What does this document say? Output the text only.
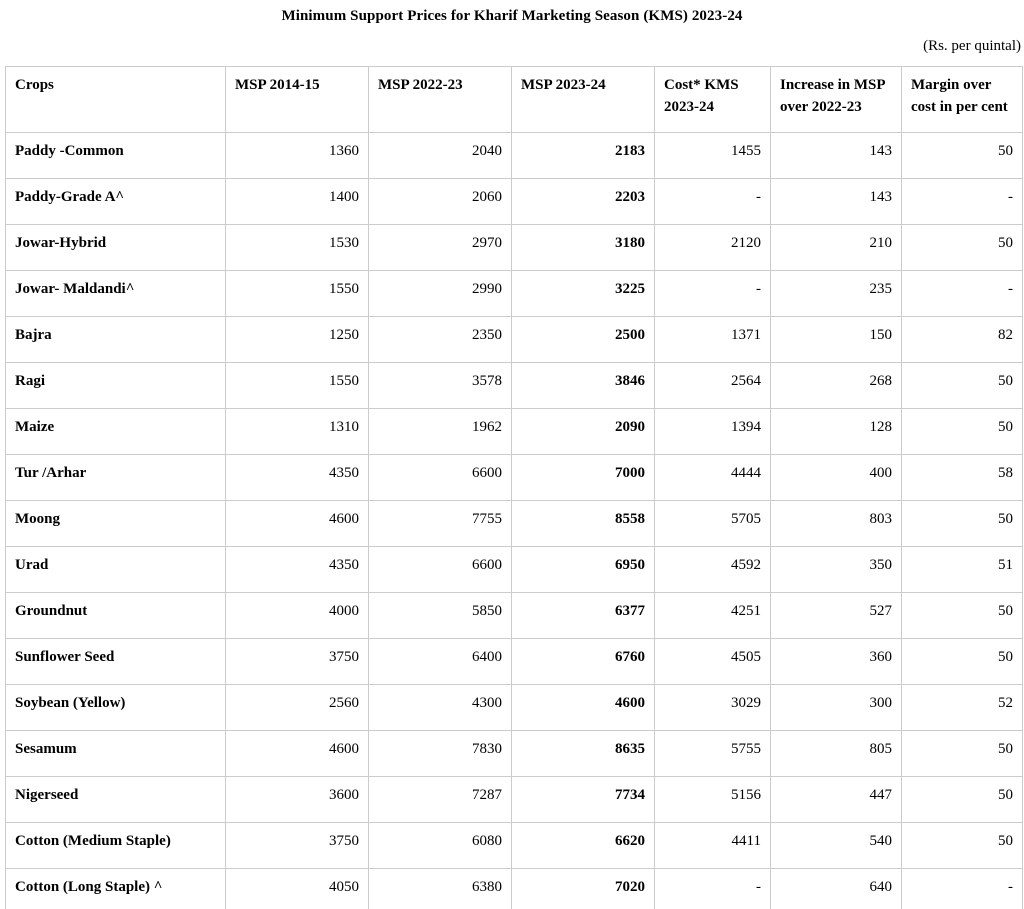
Minimum Support Prices for Kharif Marketing Season (KMS) 2023-24
(Rs. per quintal)
Crops	MSP 2014-15	MSP 2022-23	MSP 2023-24	Cost* KMS 2023-24	Increase in MSP over 2022-23	Margin over cost in per cent
Paddy -Common	1360	2040	2183	1455	143	50
Paddy-Grade A^	1400	2060	2203	-	143	-
Jowar-Hybrid	1530	2970	3180	2120	210	50
Jowar- Maldandi^	1550	2990	3225	-	235	-
Bajra	1250	2350	2500	1371	150	82
Ragi	1550	3578	3846	2564	268	50
Maize	1310	1962	2090	1394	128	50
Tur /Arhar	4350	6600	7000	4444	400	58
Moong	4600	7755	8558	5705	803	50
Urad	4350	6600	6950	4592	350	51
Groundnut	4000	5850	6377	4251	527	50
Sunflower Seed	3750	6400	6760	4505	360	50
Soybean (Yellow)	2560	4300	4600	3029	300	52
Sesamum	4600	7830	8635	5755	805	50
Nigerseed	3600	7287	7734	5156	447	50
Cotton (Medium Staple)	3750	6080	6620	4411	540	50
Cotton (Long Staple) ^	4050	6380	7020	-	640	-
